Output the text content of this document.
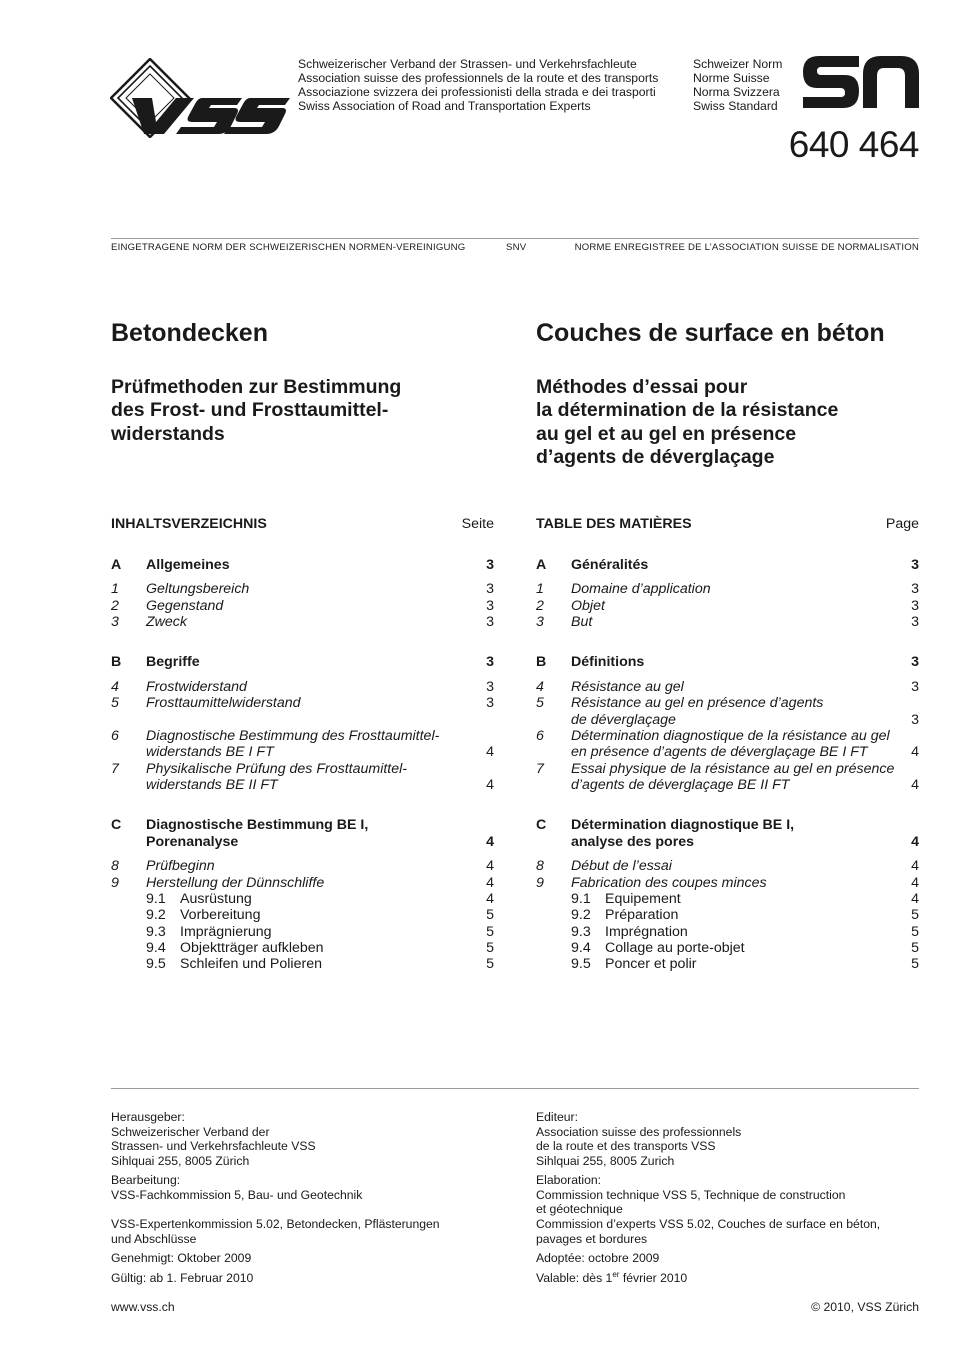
Schweizerischer Verband der Strassen- und Verkehrsfachleute
Association suisse des professionnels de la route et des transports
Associazione svizzera dei professionisti della strada e dei trasporti
Swiss Association of Road and Transportation Experts
Schweizer Norm
Norme Suisse
Norma Svizzera
Swiss Standard
640 464
EINGETRAGENE NORM DER SCHWEIZERISCHEN NORMEN-VEREINIGUNG	SNV	NORME ENREGISTREE DE L’ASSOCIATION SUISSE DE NORMALISATION
Betondecken	Couches de surface en béton
Prüfmethoden zur Bestimmung
des Frost- und Frosttaumittel-
widerstands
Méthodes d’essai pour
la détermination de la résistance
au gel et au gel en présence
d’agents de déverglaçage
INHALTSVERZEICHNIS	Seite	TABLE DES MATIÈRES	Page
A Allgemeines	3
1 Geltungsbereich	3
2 Gegenstand	3
3 Zweck	3
B Begriffe	3
4 Frostwiderstand	3
5 Frosttaumittelwiderstand	3
6 Diagnostische Bestimmung des Frosttaumittel-
widerstands BE I FT	4
7 Physikalische Prüfung des Frosttaumittel-
widerstands BE II FT	4
C Diagnostische Bestimmung BE I,
Porenanalyse	4
8 Prüfbeginn	4
9 Herstellung der Dünnschliffe	4
9.1 Ausrüstung	4
9.2 Vorbereitung	5
9.3 Imprägnierung	5
9.4 Objektträger aufkleben	5
9.5 Schleifen und Polieren	5
A Généralités	3
1 Domaine d’application	3
2 Objet	3
3 But	3
B Définitions	3
4 Résistance au gel	3
5 Résistance au gel en présence d’agents
de déverglaçage	3
6 Détermination diagnostique de la résistance au gel
en présence d’agents de déverglaçage BE I FT	4
7 Essai physique de la résistance au gel en présence
d’agents de déverglaçage BE II FT	4
C Détermination diagnostique BE I,
analyse des pores	4
8 Début de l’essai	4
9 Fabrication des coupes minces	4
9.1 Equipement	4
9.2 Préparation	5
9.3 Imprégnation	5
9.4 Collage au porte-objet	5
9.5 Poncer et polir	5
Herausgeber:
Schweizerischer Verband der
Strassen- und Verkehrsfachleute VSS
Sihlquai 255, 8005 Zürich
Bearbeitung:
VSS-Fachkommission 5, Bau- und Geotechnik
VSS-Expertenkommission 5.02, Betondecken, Pflästerungen
und Abschlüsse
Genehmigt: Oktober 2009
Gültig: ab 1. Februar 2010
www.vss.ch
Editeur:
Association suisse des professionnels
de la route et des transports VSS
Sihlquai 255, 8005 Zurich
Elaboration:
Commission technique VSS 5, Technique de construction
et géotechnique
Commission d’experts VSS 5.02, Couches de surface en béton,
pavages et bordures
Adoptée: octobre 2009
Valable: dès 1er février 2010
© 2010, VSS Zürich
